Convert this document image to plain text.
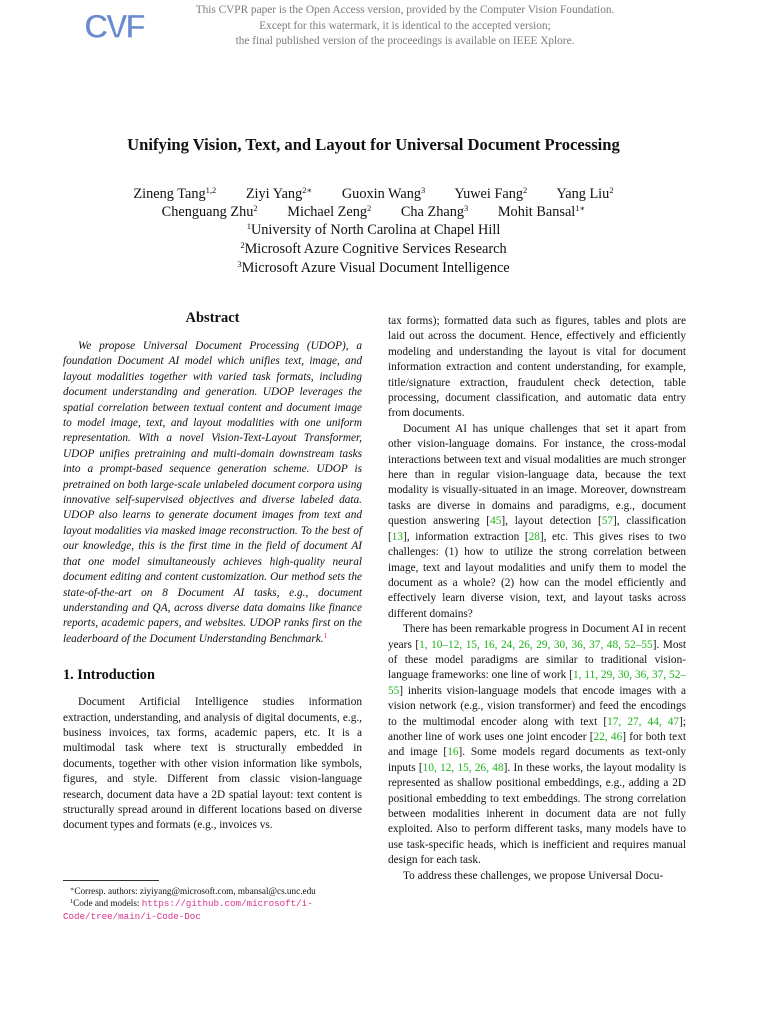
CVF	This CVPR paper is the Open Access version, provided by the Computer Vision Foundation.
Except for this watermark, it is identical to the accepted version;
the final published version of the proceedings is available on IEEE Xplore.
Unifying Vision, Text, and Layout for Universal Document Processing
Zineng Tang$^{1,2}$ Ziyi Yang$^{2∗}$ Guoxin Wang$^3$ Yuwei Fang$^2$ Yang Liu$^2$
Chenguang Zhu$^2$ Michael Zeng$^2$ Cha Zhang$^3$ Mohit Bansal$^{1∗}$
$^1$University of North Carolina at Chapel Hill
$^2$Microsoft Azure Cognitive Services Research
$^3$Microsoft Azure Visual Document Intelligence
Abstract

We propose Universal Document Processing (UDOP), a foundation Document AI model which unifies text, image, and layout modalities together with varied task formats, including document understanding and generation. UDOP leverages the spatial correlation between textual content and document image to model image, text, and layout modalities with one uniform representation. With a novel Vision-Text-Layout Transformer, UDOP unifies pretraining and multi-domain downstream tasks into a prompt-based sequence generation scheme. UDOP is pretrained on both large-scale unlabeled document corpora using innovative self-supervised objectives and diverse labeled data. UDOP also learns to generate document images from text and layout modalities via masked image reconstruction. To the best of our knowledge, this is the first time in the field of document AI that one model simultaneously achieves high-quality neural document editing and content customization. Our method sets the state-of-the-art on 8 Document AI tasks, e.g., document understanding and QA, across diverse data domains like finance reports, academic papers, and websites. UDOP ranks first on the leaderboard of the Document Understanding Benchmark.$^1$

1. Introduction

Document Artificial Intelligence studies information extraction, understanding, and analysis of digital documents, e.g., business invoices, tax forms, academic papers, etc. It is a multimodal task where text is structurally embedded in documents, together with other vision information like symbols, figures, and style. Different from classic vision-language research, document data have a 2D spatial layout: text content is structurally spread around in different locations based on diverse document types and formats (e.g., invoices vs.

∗Corresp. authors: ziyiyang@microsoft.com, mbansal@cs.unc.edu
$^1$Code and models: https://github.com/microsoft/i-Code/tree/main/i-Code-Doc

tax forms); formatted data such as figures, tables and plots are laid out across the document. Hence, effectively and efficiently modeling and understanding the layout is vital for document information extraction and content understanding, for example, title/signature extraction, fraudulent check detection, table processing, document classification, and automatic data entry from documents.

Document AI has unique challenges that set it apart from other vision-language domains. For instance, the cross-modal interactions between text and visual modalities are much stronger here than in regular vision-language data, because the text modality is visually-situated in an image. Moreover, downstream tasks are diverse in domains and paradigms, e.g., document question answering [45], layout detection [57], classification [13], information extraction [28], etc. This gives rises to two challenges: (1) how to utilize the strong correlation between image, text and layout modalities and unify them to model the document as a whole? (2) how can the model efficiently and effectively learn diverse vision, text, and layout tasks across different domains?

There has been remarkable progress in Document AI in recent years [1, 10–12, 15, 16, 24, 26, 29, 30, 36, 37, 48, 52–55]. Most of these model paradigms are similar to traditional vision-language frameworks: one line of work [1, 11, 29, 30, 36, 37, 52–55] inherits vision-language models that encode images with a vision network (e.g., vision transformer) and feed the encodings to the multimodal encoder along with text [17, 27, 44, 47]; another line of work uses one joint encoder [22, 46] for both text and image [16]. Some models regard documents as text-only inputs [10, 12, 15, 26, 48]. In these works, the layout modality is represented as shallow positional embeddings, e.g., adding a 2D positional embedding to text embeddings. The strong correlation between modalities inherent in document data are not fully exploited. Also to perform different tasks, many models have to use task-specific heads, which is inefficient and requires manual design for each task.

To address these challenges, we propose Universal Docu-
